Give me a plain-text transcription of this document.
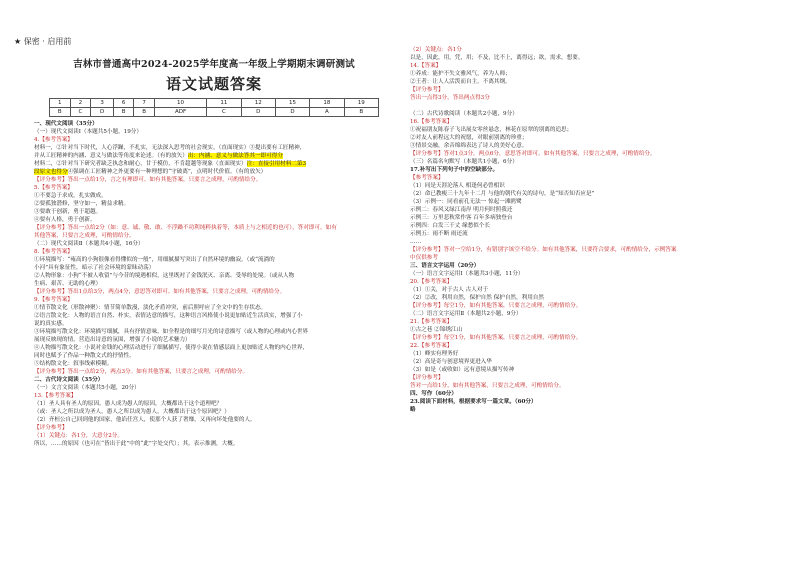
★ 保密 · 启用前
吉林市普通高中2024-2025学年度高一年级上学期期末调研测试
语文试题答案
1	2	3	6	7	10	11	12	15	18	19
B	C	D	B	B	ADF	C	D	D	A	B
一、现代文阅读（35分）
（一）现代文阅读Ⅰ（本题共5小题，19分）
4.【参考答案】
材料一，②针对当下时代，人心浮躁，不扎实，无法深入思考的社会现实。（直面现实）③提出要有工匠精神，
并从工匠精神的内涵、意义与做法等角度来论述。（有的放矢）出：内涵、意义与做法答其一即可得分
材料二，②针对当下研究者缺乏执念和耐心，甘于模仿，不肯超越等现象（直面现实）注：直接引用材料二第3
段原文也得分④强调在工匠精神之外更要有一种理想的“守破离”，点明时代价值。（有的放矢）
【评分参考】答出一点给1分，言之有理即可。如有其他答案，只要言之成理，可酌情给分。
5.【参考答案】
①不要急于求成，扎实做成。
②要孤独潜修，坚守如一，精益求精。
③要敢于创新，勇于超越。
④要有人格，勇于创新。
【评分参考】答出一点给2分（如：意、诚、敬、敢、不浮躁不功利纯粹执着等，本质上与之相近的也可），答对即可。如有
其他答案，只要言之成理，可酌情给分。
（二）现代文阅读Ⅱ（本题共4小题，16分）
8.【参考答案】
①环境描写：“雍高的小狗很像看得懂似的一般”，用细腻描写突出了自然环境的幽寂。（或“流淌的
小河”具有象征性，暗示了社会环境的蒙昧动荡）
②人物形象：小狗“不被人收留”与今昔的境遇相似，这里既衬了金钱泯灭、亲离、受辱的处境。（或从人物
生病、艰苦、无助的心理）
【评分参考】答出1点给3分，两点4分，意思答对即可。如有其他答案，只要言之成理，可酌情给分。
9.【参考答案】
①情节散文化（形散神聚）：情节简单散漫，淡化矛盾冲突，前后照呼应了全文中的生存状态。
②语言散文化：人物的语言自然、朴实，表情达意的描写，这种语言风格使小说更加贴近生活真实，增强了小
说的真实感。
③环境描写散文化：环境描写细腻，具有抒情意味，如全程是的细写月光的诗意描写（或人物的心理或内心世界
展现反映现的情，营造出诗意的氛围，增强了小说的艺术魅力）
④人物描写散文化：小说对金钱的心理活动进行了细腻描写，使得小说在情感层面上更加贴近人物的内心世界，
同时也赋予了作品一种散文式的抒情性。
⑤结构散文化：叙事线索模糊。
【评分参考】答出一点给2分，两点3分。如有其他答案，只要言之成理，可酌情给分。
二、古代诗文阅读（35分）
（一）文言文阅读（本题共5小题，20分）
13.【参考答案】
（1）圣人具有圣人的原因，愚人成为愚人的原因，大概都出于这个道理吧？
（或：圣人之所以成为圣人，愚人之所以成为愚人，大概都出于这个原因吧？）
（2）齐桓公自己回到他的国家，他谄任宫人，使那个人获了奢靡，又再向坏处他要的人。
【评分参考】
（1）关键点：各1分，大意分2分。
所以，……的原因（也可在“皆出于此”中的“此”字处交代）；其，表示推测，大概。
（2）关键点：各1分
以是，因此，用，凭，用；不及，比不上，离得远；欲，需求，想要。
14.【答案】
①养成：能护不失文雅风气，养为人师；
②王者：让人人活泼而自主，不离其纲。
【评分参考】
答出一点得3分，答出两点得3分

（二）古代诗歌阅读（本题共2小题，9分）
16.【参考答案】
①祝福朋友陈春子飞出展女零丝悬念，林花在原翠的别离的追思；
②对友人前程远大的祝愿，对眼前别离的珍重；
③情景交融，余音绵绵表达了诗人的美好心意。
【评分参考】答对1点3分，两点6分，意思答对即可。如有其他答案，只要言之成理，可酌情给分。
（三）名篇名句默写（本题共1小题，6分）
17.补写出下列句子中的空缺部分。
【参考答案】
（1）同是天涯沦落人 相逢何必曾相识
（2）命已教瘦三十九年十二月 与他的朝代有关的诗句，是“知否知否应是”
（3）示例一：同看前孔无法一 惊起一滩鸥鹭
示例二：春风又绿江南岸 明月何时照我还
示例三：万里悲秋常作客 百年多病独登台
示例四：白发三千丈 缘愁似个长
示例五：雨不断 雨还流
……
【评分参考】答对一空给1分，有错别字该空不给分。如有其他答案，只要符合要求，可酌情给分，示例答案
中仅供参考
三、语言文字运用（20分）
（一）语言文字运用Ⅰ（本题共3小题，11分）
20.【参考答案】
（1）①关，对于古人 古人对于
（2）②改，利用自然，保护自然 保护自然，利用自然
【评分参考】每空1分，如有其他答案，只要言之成理，可酌情给分。
（二）语言文字运用Ⅱ（本题共2小题，9分）
21.【参考答案】
①古之巷 ②锦绣江山
【评分参考】每空1分，如有其他答案，只要言之成理，可酌情给分。
22.【参考答案】
（1）峰实有理务好
（2）高是奇与创意境界更进入华
（3）如是（或收如）远有意境从描写传神
【评分参考】
答对一点给1分，如有其他答案，只要言之成理，可酌情给分。
四、写作（60分）
23.阅读下面材料，根据要求写一篇文章。（60分）
略
